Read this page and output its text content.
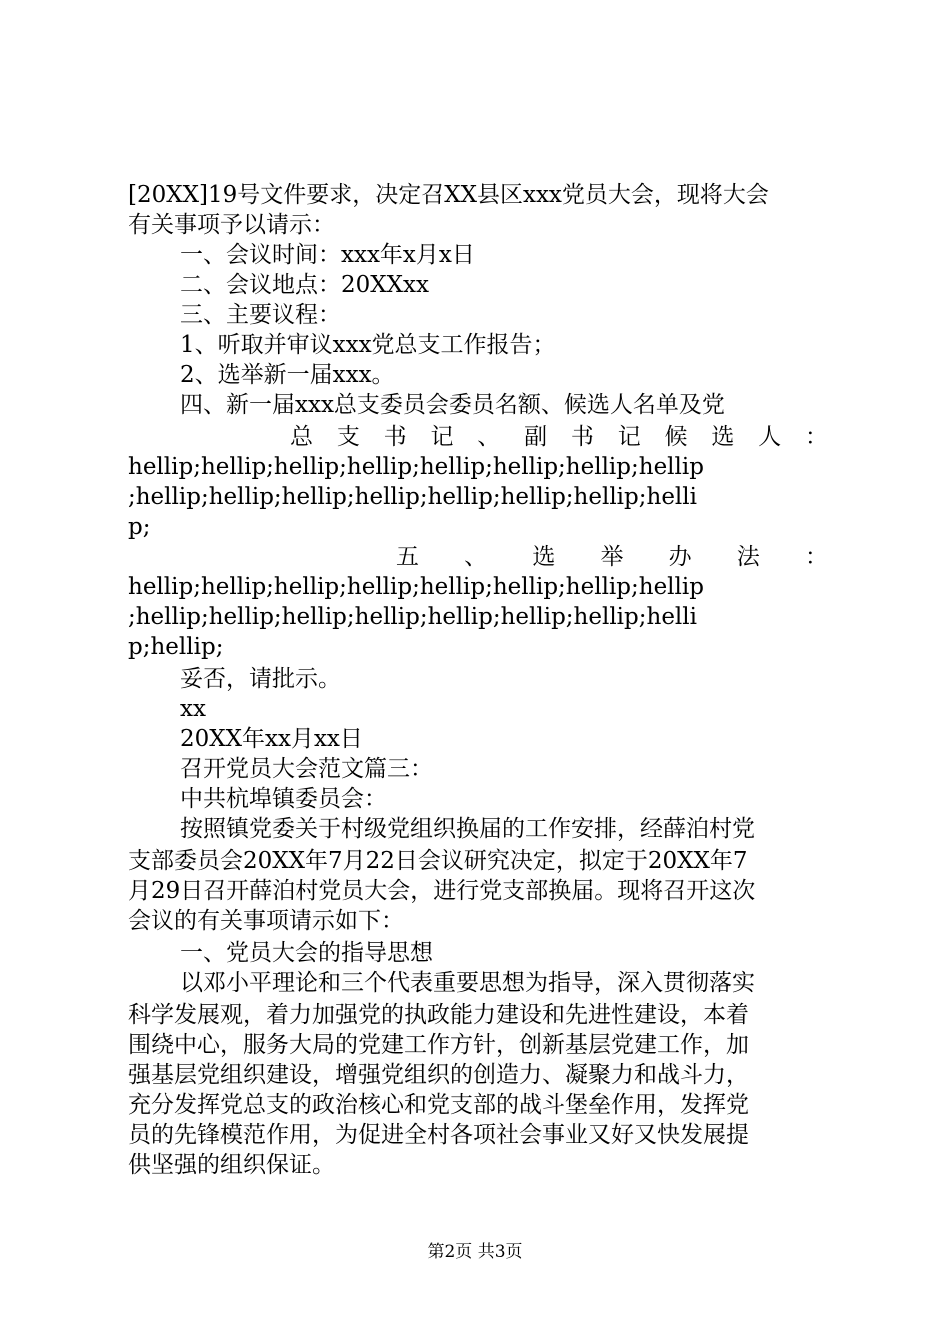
[20XX]19号文件要求，决定召XX县区xxx党员大会，现将大会
有关事项予以请示：
一、会议时间：xxx年x月x日
二、会议地点：20XXxx
三、主要议程：
1、听取并审议xxx党总支工作报告；
2、选举新一届xxx。
四、新一届xxx总支委员会委员名额、候选人名单及党
总 支 书 记 、 副 书 记 候 选 人 ：
hellip;hellip;hellip;hellip;hellip;hellip;hellip;hellip
;hellip;hellip;hellip;hellip;hellip;hellip;hellip;helli
p;
五 、 选 举 办 法 ：
hellip;hellip;hellip;hellip;hellip;hellip;hellip;hellip
;hellip;hellip;hellip;hellip;hellip;hellip;hellip;helli
p;hellip;
妥否，请批示。
xx
20XX年xx月xx日
召开党员大会范文篇三：
中共杭埠镇委员会：
按照镇党委关于村级党组织换届的工作安排，经薛泊村党
支部委员会20XX年7月22日会议研究决定，拟定于20XX年7
月29日召开薛泊村党员大会，进行党支部换届。现将召开这次
会议的有关事项请示如下：
一、党员大会的指导思想
以邓小平理论和三个代表重要思想为指导，深入贯彻落实
科学发展观，着力加强党的执政能力建设和先进性建设，本着
围绕中心，服务大局的党建工作方针，创新基层党建工作，加
强基层党组织建设，增强党组织的创造力、凝聚力和战斗力，
充分发挥党总支的政治核心和党支部的战斗堡垒作用，发挥党
员的先锋模范作用，为促进全村各项社会事业又好又快发展提
供坚强的组织保证。
第2页 共3页
